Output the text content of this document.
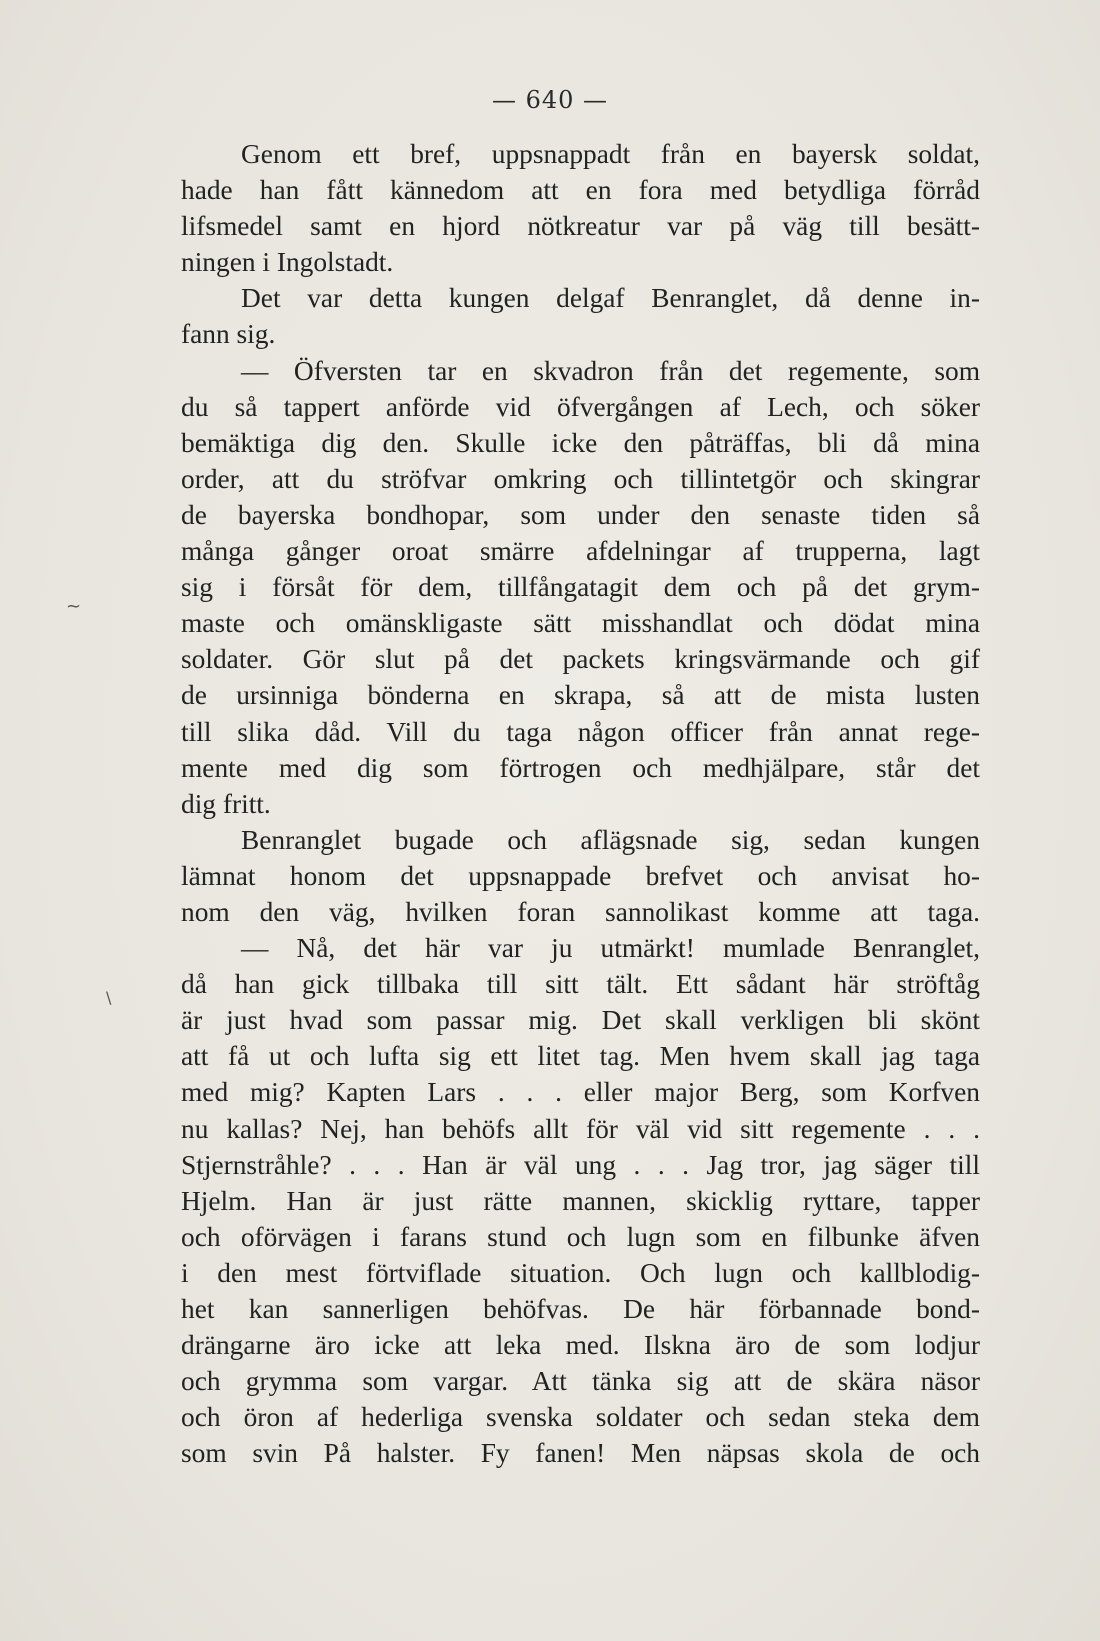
— 640 —
Genom ett bref, uppsnappadt från en bayersk soldat,
hade han fått kännedom att en fora med betydliga förråd
lifsmedel samt en hjord nötkreatur var på väg till besätt-
ningen i Ingolstadt.
Det var detta kungen delgaf Benranglet, då denne in-
fann sig.
— Öfversten tar en skvadron från det regemente, som
du så tappert anförde vid öfvergången af Lech, och söker
bemäktiga dig den. Skulle icke den påträffas, bli då mina
order, att du ströfvar omkring och tillintetgör och skingrar
de bayerska bondhopar, som under den senaste tiden så
många gånger oroat smärre afdelningar af trupperna, lagt
sig i försåt för dem, tillfångatagit dem och på det grym-
maste och omänskligaste sätt misshandlat och dödat mina
soldater. Gör slut på det packets kringsvärmande och gif
de ursinniga bönderna en skrapa, så att de mista lusten
till slika dåd. Vill du taga någon officer från annat rege-
mente med dig som förtrogen och medhjälpare, står det
dig fritt.
Benranglet bugade och aflägsnade sig, sedan kungen
lämnat honom det uppsnappade brefvet och anvisat ho-
nom den väg, hvilken foran sannolikast komme att taga.
— Nå, det här var ju utmärkt! mumlade Benranglet,
då han gick tillbaka till sitt tält. Ett sådant här ströftåg
är just hvad som passar mig. Det skall verkligen bli skönt
att få ut och lufta sig ett litet tag. Men hvem skall jag taga
med mig? Kapten Lars . . . eller major Berg, som Korfven
nu kallas? Nej, han behöfs allt för väl vid sitt regemente . . .
Stjernstråhle? . . . Han är väl ung . . . Jag tror, jag säger till
Hjelm. Han är just rätte mannen, skicklig ryttare, tapper
och oförvägen i farans stund och lugn som en filbunke äfven
i den mest förtviflade situation. Och lugn och kallblodig-
het kan sannerligen behöfvas. De här förbannade bond-
drängarne äro icke att leka med. Ilskna äro de som lodjur
och grymma som vargar. Att tänka sig att de skära näsor
och öron af hederliga svenska soldater och sedan steka dem
som svin På halster. Fy fanen! Men näpsas skola de och
~
\
